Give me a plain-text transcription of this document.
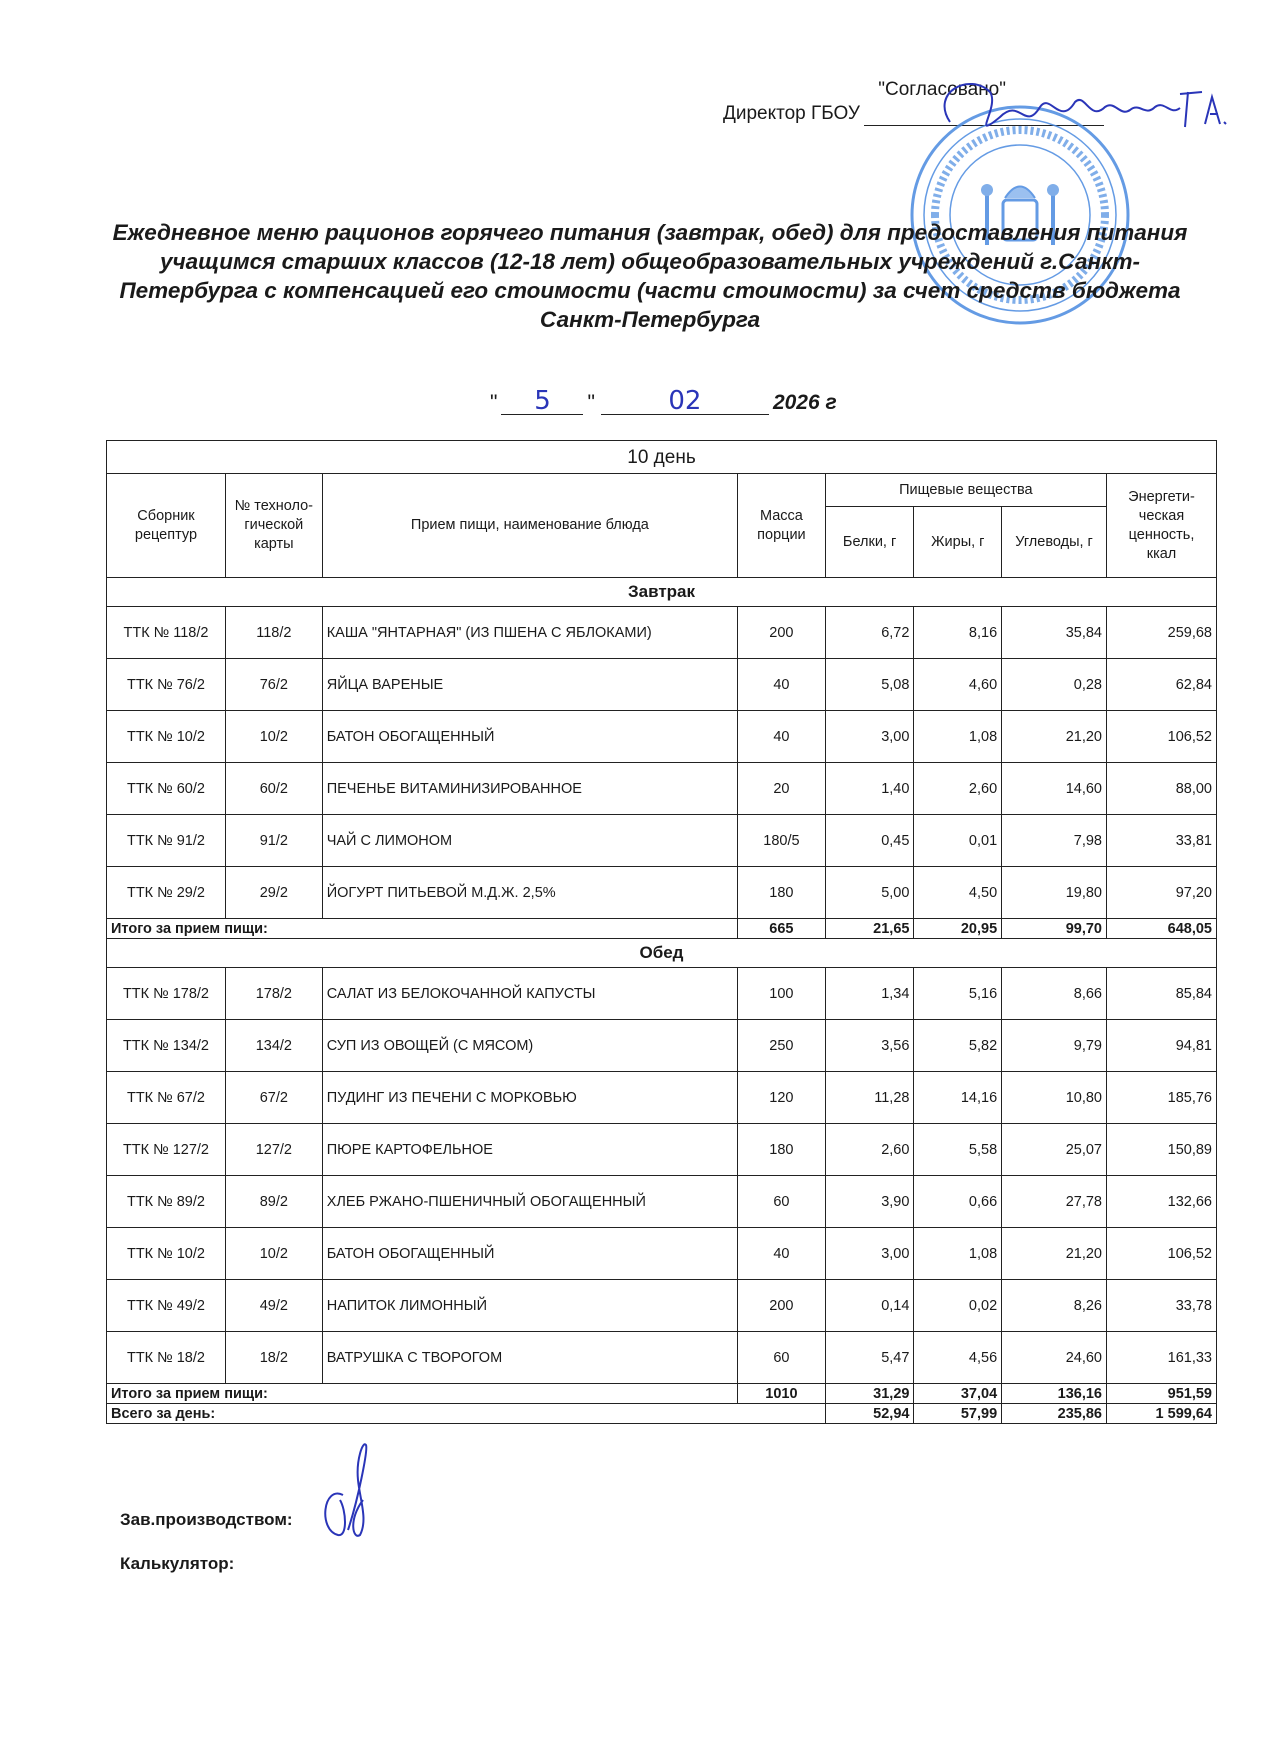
"Согласовано"
Директор ГБОУ
Ежедневное меню рационов горячего питания (завтрак, обед) для предоставления питания учащимся старших классов (12-18 лет) общеобразовательных учреждений г.Санкт-Петербурга с компенсацией его стоимости (части стоимости) за счет средств бюджета Санкт-Петербурга
"	5	"	02	2026 г
10 день							
Сборник рецептур	№ техноло-гической карты	Прием пищи, наименование блюда	Масса порции	Пищевые вещества			Энергети-ческая ценность, ккал
				Белки, г	Жиры, г	Углеводы, г	
Завтрак							
ТТК № 118/2	118/2	КАША "ЯНТАРНАЯ" (ИЗ ПШЕНА С ЯБЛОКАМИ)	200	6,72	8,16	35,84	259,68
ТТК № 76/2	76/2	ЯЙЦА ВАРЕНЫЕ	40	5,08	4,60	0,28	62,84
ТТК № 10/2	10/2	БАТОН ОБОГАЩЕННЫЙ	40	3,00	1,08	21,20	106,52
ТТК № 60/2	60/2	ПЕЧЕНЬЕ ВИТАМИНИЗИРОВАННОЕ	20	1,40	2,60	14,60	88,00
ТТК № 91/2	91/2	ЧАЙ С ЛИМОНОМ	180/5	0,45	0,01	7,98	33,81
ТТК № 29/2	29/2	ЙОГУРТ ПИТЬЕВОЙ М.Д.Ж. 2,5%	180	5,00	4,50	19,80	97,20
Итого за прием пищи:			665	21,65	20,95	99,70	648,05
Обед							
ТТК № 178/2	178/2	САЛАТ ИЗ БЕЛОКОЧАННОЙ КАПУСТЫ	100	1,34	5,16	8,66	85,84
ТТК № 134/2	134/2	СУП ИЗ ОВОЩЕЙ (С МЯСОМ)	250	3,56	5,82	9,79	94,81
ТТК № 67/2	67/2	ПУДИНГ ИЗ ПЕЧЕНИ С МОРКОВЬЮ	120	11,28	14,16	10,80	185,76
ТТК № 127/2	127/2	ПЮРЕ КАРТОФЕЛЬНОЕ	180	2,60	5,58	25,07	150,89
ТТК № 89/2	89/2	ХЛЕБ РЖАНО-ПШЕНИЧНЫЙ ОБОГАЩЕННЫЙ	60	3,90	0,66	27,78	132,66
ТТК № 10/2	10/2	БАТОН ОБОГАЩЕННЫЙ	40	3,00	1,08	21,20	106,52
ТТК № 49/2	49/2	НАПИТОК ЛИМОННЫЙ	200	0,14	0,02	8,26	33,78
ТТК № 18/2	18/2	ВАТРУШКА С ТВОРОГОМ	60	5,47	4,56	24,60	161,33
Итого за прием пищи:			1010	31,29	37,04	136,16	951,59
Всего за день:				52,94	57,99	235,86	1 599,64
Зав.производством:
Калькулятор:
